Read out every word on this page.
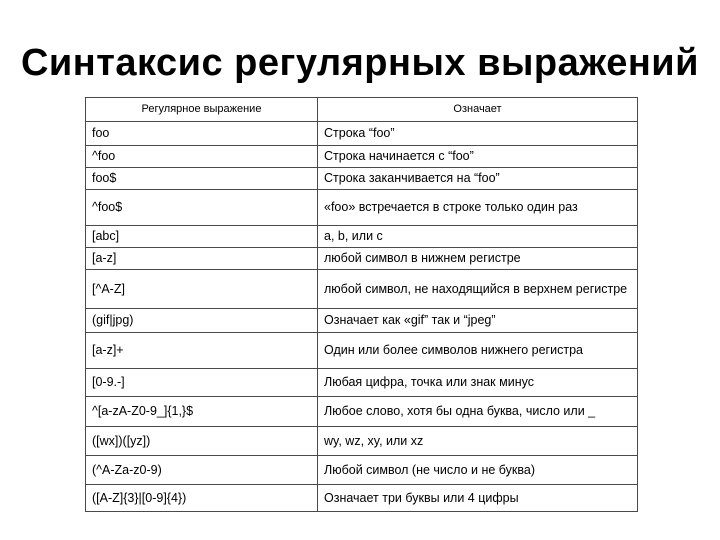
Синтаксис регулярных выражений
Регулярное выражение	Означает
foo	Строка “foo”
^foo	Строка начинается с “foo”
foo$	Строка заканчивается на “foo”
^foo$	«foo» встречается в строке только один раз
[abc]	a, b, или c
[a-z]	любой символ в нижнем регистре
[^A-Z]	любой символ, не находящийся в верхнем регистре
(gif|jpg)	Означает как «gif” так и “jpeg”
[a-z]+	Один или более символов нижнего регистра
[0-9.-]	Любая цифра, точка или знак минус
^[a-zA-Z0-9_]{1,}$	Любое слово, хотя бы одна буква, число или _
([wx])([yz])	wy, wz, xy, или xz
(^A-Za-z0-9)	Любой символ (не число и не буква)
([A-Z]{3}|[0-9]{4})	Означает три буквы или 4 цифры
